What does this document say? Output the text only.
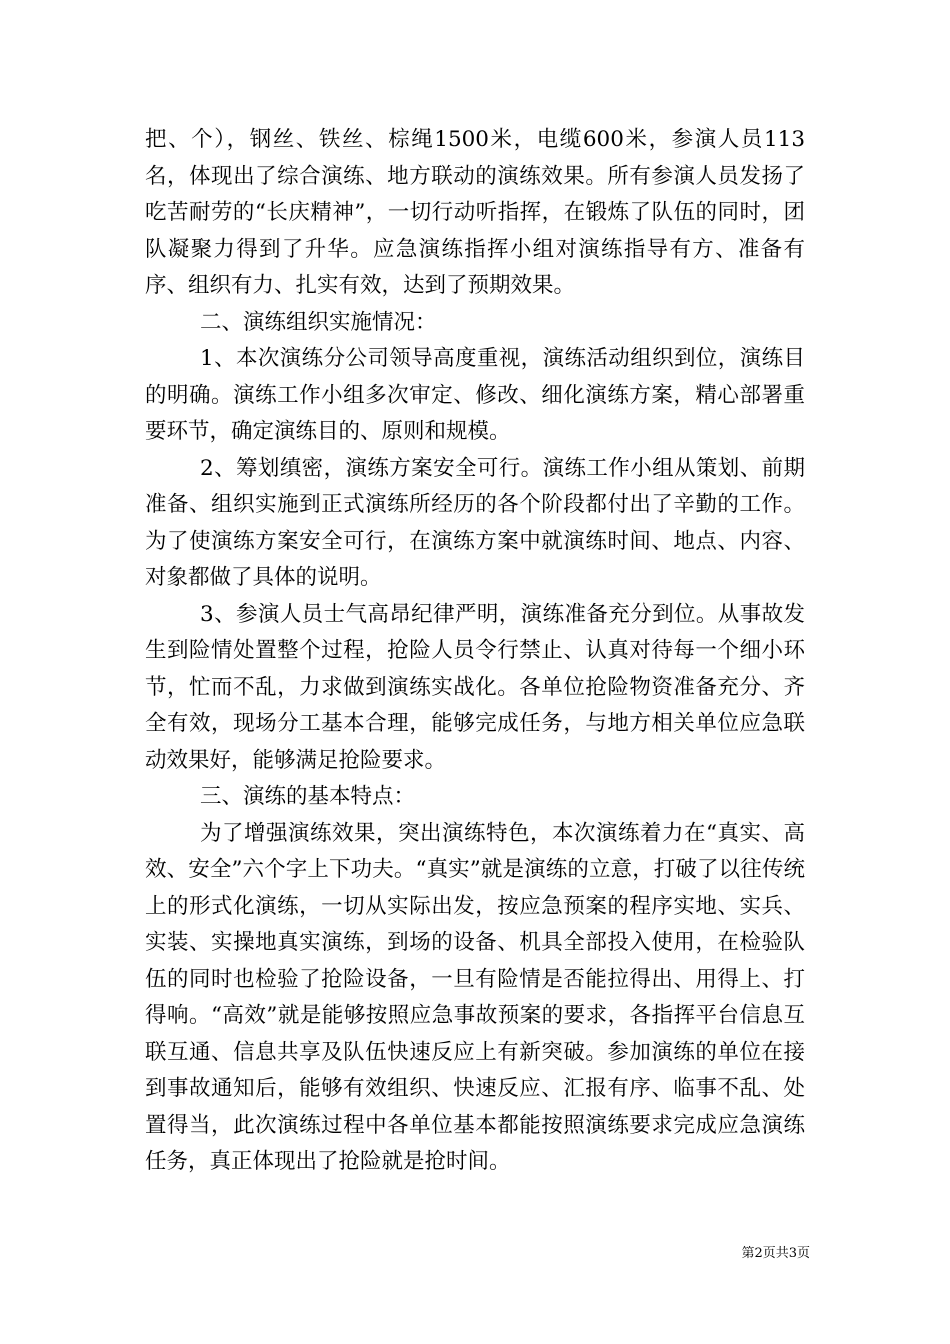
把、个），钢丝、铁丝、棕绳1500米，电缆600米，参演人员113名，体现出了综合演练、地方联动的演练效果。所有参演人员发扬了吃苦耐劳的“长庆精神”，一切行动听指挥，在锻炼了队伍的同时，团队凝聚力得到了升华。应急演练指挥小组对演练指导有方、准备有序、组织有力、扎实有效，达到了预期效果。

二、演练组织实施情况：

1、本次演练分公司领导高度重视，演练活动组织到位，演练目的明确。演练工作小组多次审定、修改、细化演练方案，精心部署重要环节，确定演练目的、原则和规模。

2、筹划缜密，演练方案安全可行。演练工作小组从策划、前期准备、组织实施到正式演练所经历的各个阶段都付出了辛勤的工作。为了使演练方案安全可行，在演练方案中就演练时间、地点、内容、对象都做了具体的说明。

3、参演人员士气高昂纪律严明，演练准备充分到位。从事故发生到险情处置整个过程，抢险人员令行禁止、认真对待每一个细小环节，忙而不乱，力求做到演练实战化。各单位抢险物资准备充分、齐全有效，现场分工基本合理，能够完成任务，与地方相关单位应急联动效果好，能够满足抢险要求。

三、演练的基本特点：

为了增强演练效果，突出演练特色，本次演练着力在“真实、高效、安全”六个字上下功夫。“真实”就是演练的立意，打破了以往传统上的形式化演练，一切从实际出发，按应急预案的程序实地、实兵、实装、实操地真实演练，到场的设备、机具全部投入使用，在检验队伍的同时也检验了抢险设备，一旦有险情是否能拉得出、用得上、打得响。“高效”就是能够按照应急事故预案的要求，各指挥平台信息互联互通、信息共享及队伍快速反应上有新突破。参加演练的单位在接到事故通知后，能够有效组织、快速反应、汇报有序、临事不乱、处置得当，此次演练过程中各单位基本都能按照演练要求完成应急演练任务，真正体现出了抢险就是抢时间。

第2页共3页
